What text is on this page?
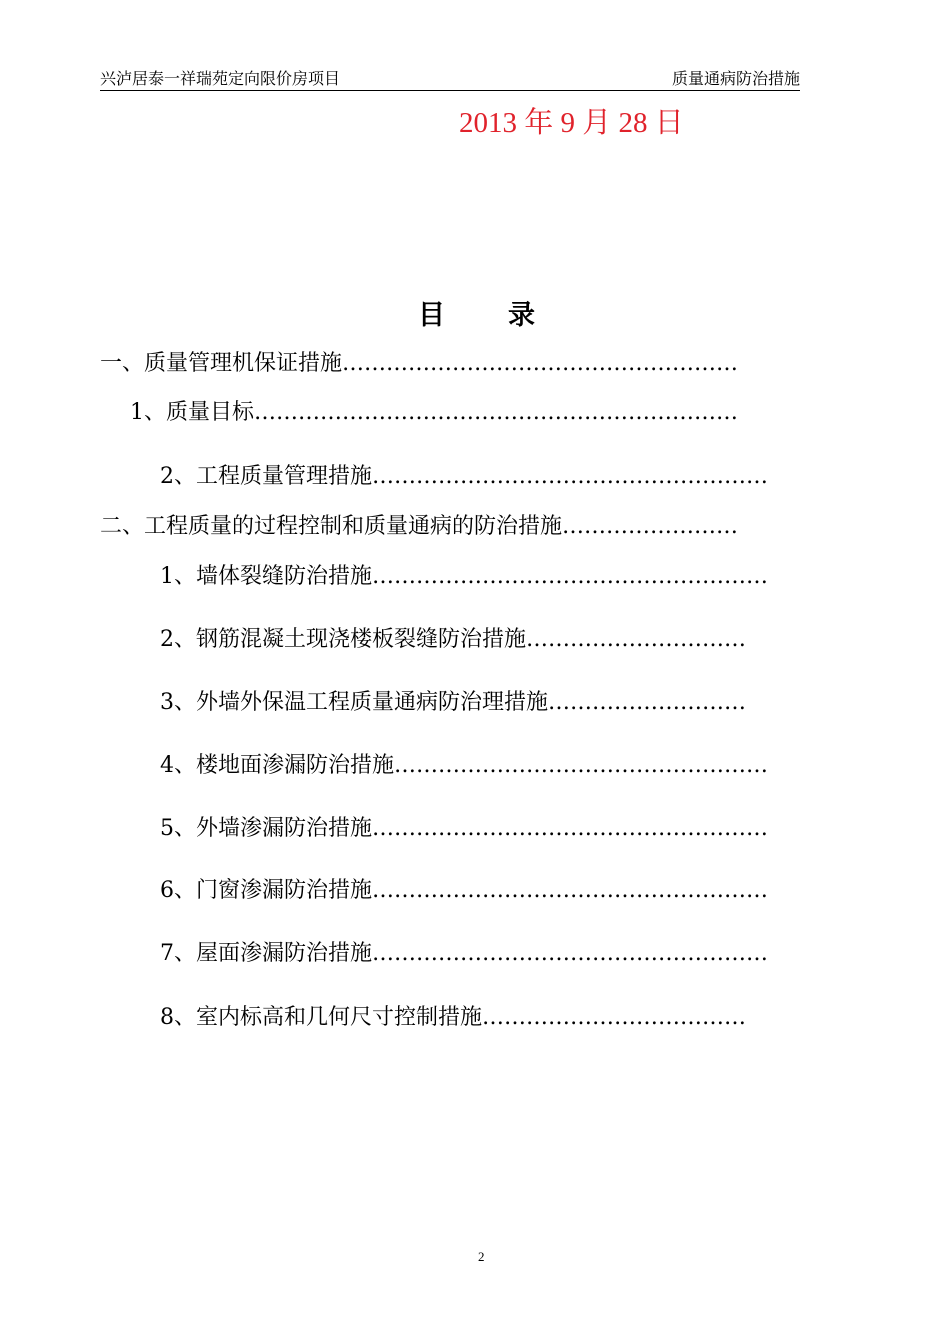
兴泸居泰一祥瑞苑定向限价房项目	质量通病防治措施
2013 年 9 月 28 日
目 录
一、质量管理机保证措施………………………………………………
1、质量目标…………………………………………………………
2、工程质量管理措施………………………………………………
二、工程质量的过程控制和质量通病的防治措施……………………
1、墙体裂缝防治措施………………………………………………
2、钢筋混凝土现浇楼板裂缝防治措施…………………………
3、外墙外保温工程质量通病防治理措施………………………
4、楼地面渗漏防治措施……………………………………………
5、外墙渗漏防治措施………………………………………………
6、门窗渗漏防治措施………………………………………………
7、屋面渗漏防治措施………………………………………………
8、室内标高和几何尺寸控制措施………………………………
2
